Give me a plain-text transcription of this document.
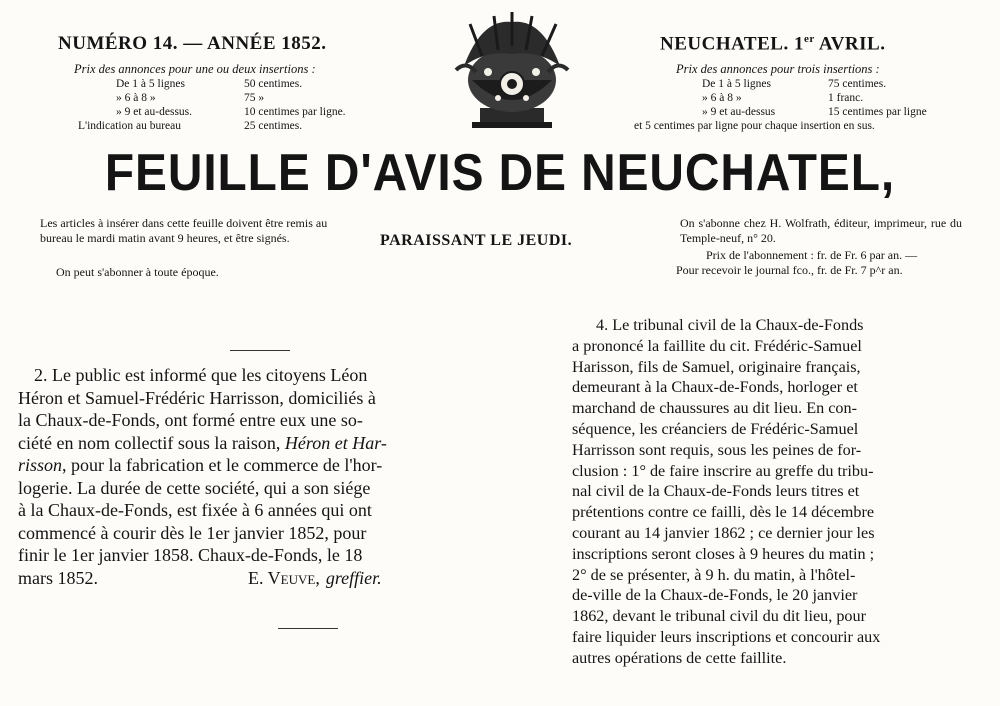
NUMÉRO 14. — ANNÉE 1852.	NEUCHATEL. 1er AVRIL.
Prix des annonces pour une ou deux insertions :
De 1 à 5 lignes	50 centimes.
» 6 à 8 »	75 »
» 9 et au-dessus.	10 centimes par ligne.
L'indication au bureau	25 centimes.
Prix des annonces pour trois insertions :
De 1 à 5 lignes	75 centimes.
» 6 à 8 »	1 franc.
» 9 et au-dessus	15 centimes par ligne
et 5 centimes par ligne pour chaque insertion en sus.
FEUILLE D'AVIS DE NEUCHATEL,
Les articles à insérer dans cette feuille doivent être remis au bureau le mardi matin avant 9 heures, et être signés.
On peut s'abonner à toute époque.
PARAISSANT LE JEUDI.
On s'abonne chez H. Wolfrath, éditeur, imprimeur, rue du Temple-neuf, n° 20.
Prix de l'abonnement : fr. de Fr. 6 par an. —
Pour recevoir le journal fco., fr. de Fr. 7 p^r an.
2. Le public est informé que les citoyens Léon
Héron et Samuel-Frédéric Harrisson, domiciliés à
la Chaux-de-Fonds, ont formé entre eux une so-
ciété en nom collectif sous la raison, Héron et Har-
risson, pour la fabrication et le commerce de l'hor-
logerie. La durée de cette société, qui a son siége
à la Chaux-de-Fonds, est fixée à 6 années qui ont
commencé à courir dès le 1er janvier 1852, pour
finir le 1er janvier 1858. Chaux-de-Fonds, le 18
mars 1852.	E. Veuve, greffier.
4. Le tribunal civil de la Chaux-de-Fonds
a prononcé la faillite du cit. Frédéric-Samuel
Harisson, fils de Samuel, originaire français,
demeurant à la Chaux-de-Fonds, horloger et
marchand de chaussures au dit lieu. En con-
séquence, les créanciers de Frédéric-Samuel
Harrisson sont requis, sous les peines de for-
clusion : 1° de faire inscrire au greffe du tribu-
nal civil de la Chaux-de-Fonds leurs titres et
prétentions contre ce failli, dès le 14 décembre
courant au 14 janvier 1862 ; ce dernier jour les
inscriptions seront closes à 9 heures du matin ;
2° de se présenter, à 9 h. du matin, à l'hôtel-
de-ville de la Chaux-de-Fonds, le 20 janvier
1862, devant le tribunal civil du dit lieu, pour
faire liquider leurs inscriptions et concourir aux
autres opérations de cette faillite.
